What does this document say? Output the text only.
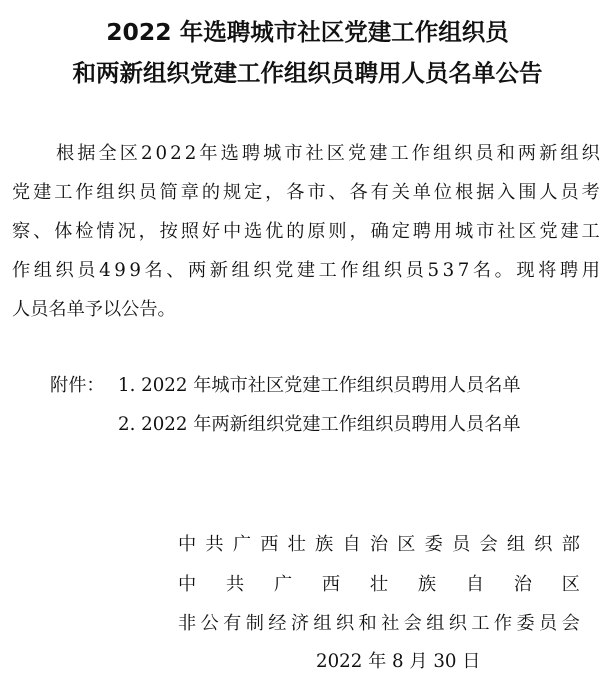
2022 年选聘城市社区党建工作组织员
和两新组织党建工作组织员聘用人员名单公告
根 据 全 区 2 0 2 2 年 选 聘 城 市 社 区 党 建 工 作 组 织 员 和 两 新 组 织
党 建 工 作 组 织 员 简 章 的 规 定 ， 各 市 、 各 有 关 单 位 根 据 入 围 人 员 考
察 、 体 检 情 况 ， 按 照 好 中 选 优 的 原 则 ， 确 定 聘 用 城 市 社 区 党 建 工
作 组 织 员 4 9 9 名 、 两 新 组 织 党 建 工 作 组 织 员 5 3 7 名 。 现 将 聘 用
人员名单予以公告。
附件： 1. 2022 年城市社区党建工作组织员聘用人员名单
2. 2022 年两新组织党建工作组织员聘用人员名单
中 共 广 西 壮 族 自 治 区 委 员 会 组 织 部
中 共 广 西 壮 族 自 治 区
非 公 有 制 经 济 组 织 和 社 会 组 织 工 作 委 员 会
2022 年 8 月 30 日
